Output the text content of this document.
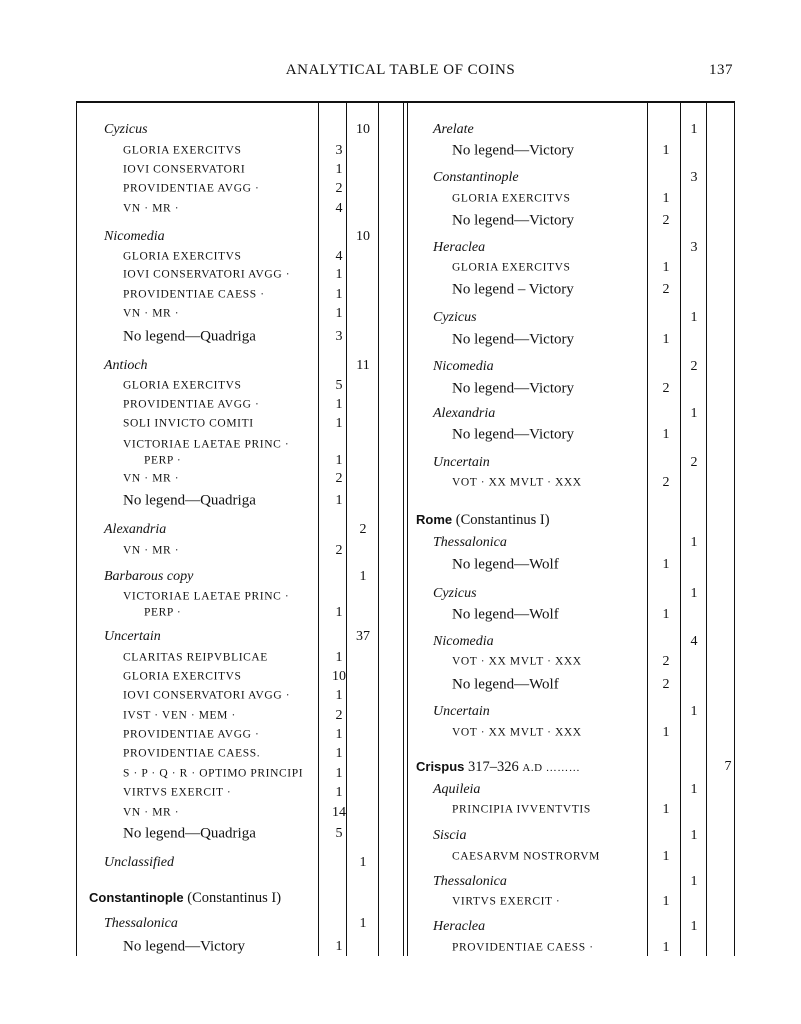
ANALYTICAL TABLE OF COINS	137
Cyzicus	10
GLORIA EXERCITVS	3
IOVI CONSERVATORI	1
PROVIDENTIAE AVGG ·	2
VN · MR ·	4
Nicomedia	10
GLORIA EXERCITVS	4
IOVI CONSERVATORI AVGG ·	1
PROVIDENTIAE CAESS ·	1
VN · MR ·	1
No legend—Quadriga	3
Antioch	11
GLORIA EXERCITVS	5
PROVIDENTIAE AVGG ·	1
SOLI INVICTO COMITI	1
VICTORIAE LAETAE PRINC ·
PERP ·	1
VN · MR ·	2
No legend—Quadriga	1
Alexandria	2
VN · MR ·	2
Barbarous copy	1
VICTORIAE LAETAE PRINC ·
PERP ·	1
Uncertain	37
CLARITAS REIPVBLICAE	1
GLORIA EXERCITVS	10
IOVI CONSERVATORI AVGG ·	1
IVST · VEN · MEM ·	2
PROVIDENTIAE AVGG ·	1
PROVIDENTIAE CAESS.	1
S · P · Q · R · OPTIMO PRINCIPI 1
VIRTVS EXERCIT ·	1
VN · MR ·	14
No legend—Quadriga	5
Unclassified	1
Constantinople (Constantinus I)
Thessalonica	1
No legend—Victory	1
Arelate	1
No legend—Victory	1
Constantinople	3
GLORIA EXERCITVS	1
No legend—Victory	2
Heraclea	3
GLORIA EXERCITVS	1
No legend – Victory	2
Cyzicus	1
No legend—Victory	1
Nicomedia	2
No legend—Victory	2
Alexandria	1
No legend—Victory	1
Uncertain	2
VOT · XX MVLT · XXX	2
Rome (Constantinus I)
Thessalonica	1
No legend—Wolf	1
Cyzicus	1
No legend—Wolf	1
Nicomedia	4
VOT · XX MVLT · XXX	2
No legend—Wolf	2
Uncertain	1
VOT · XX MVLT · XXX	1
Crispus 317–326 A.D ………	7
Aquileia	1
PRINCIPIA IVVENTVTIS	1
Siscia	1
CAESARVM NOSTRORVM	1
Thessalonica	1
VIRTVS EXERCIT ·	1
Heraclea	1
PROVIDENTIAE CAESS ·	1
